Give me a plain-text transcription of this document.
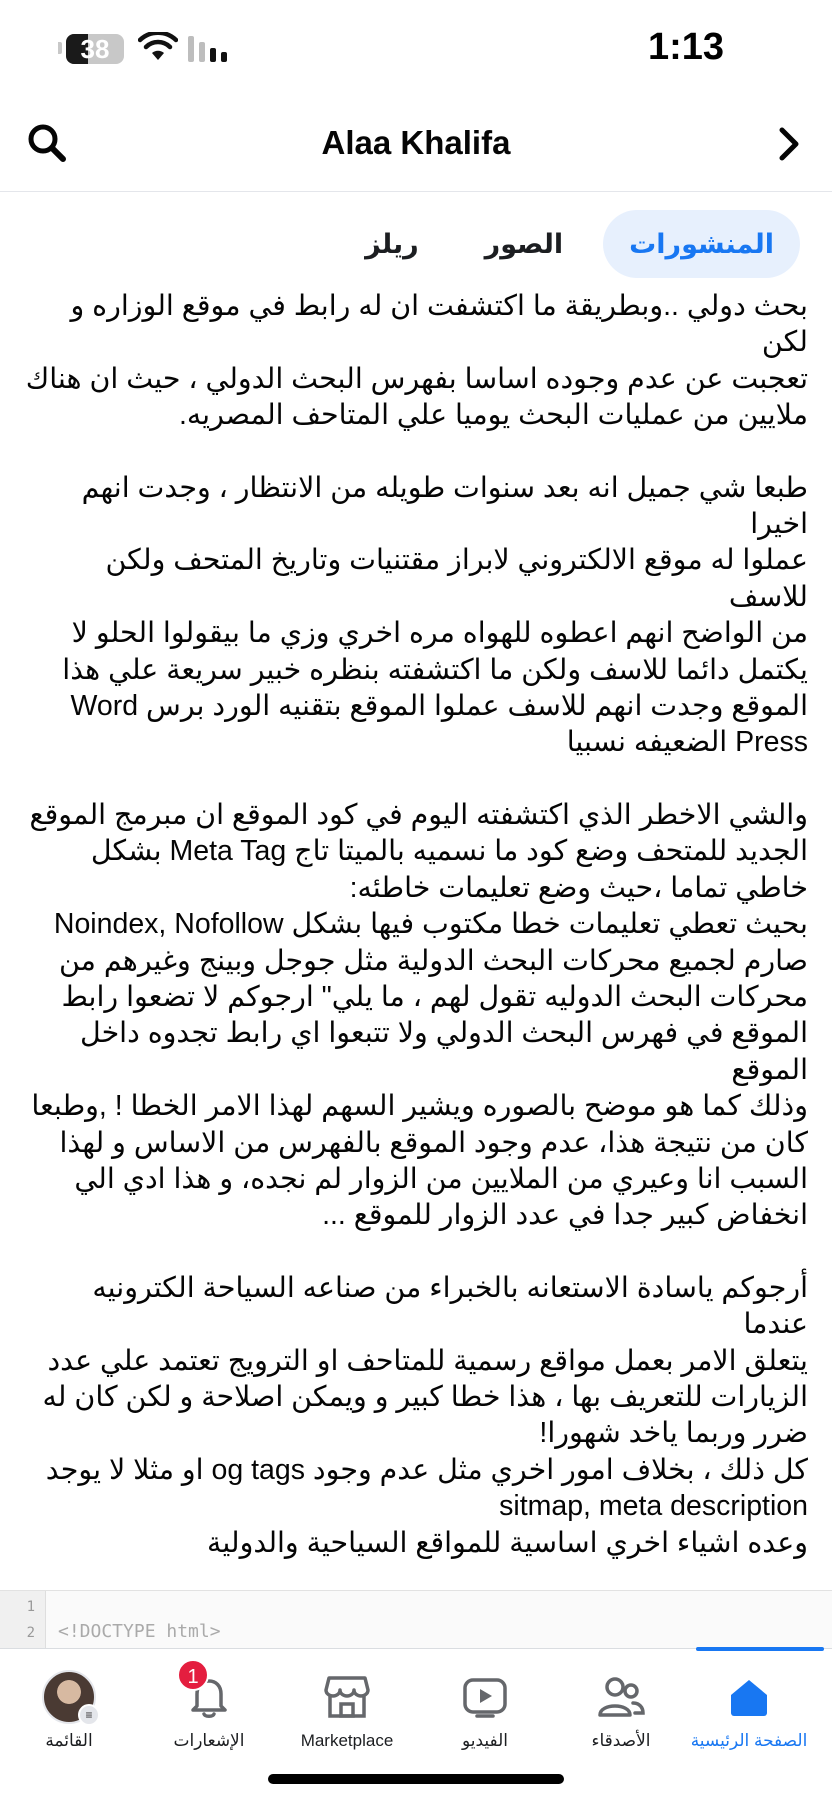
38	1:13
Alaa Khalifa
المنشورات
الصور
ريلز
بحث دولي ..وبطريقة ما اكتشفت ان له رابط في موقع الوزاره و لكن
تعجبت عن عدم وجوده اساسا بفهرس البحث الدولي ، حيث ان هناك
ملايين من عمليات البحث يوميا علي المتاحف المصريه.
طبعا شي جميل انه بعد سنوات طويله من الانتظار ، وجدت انهم اخيرا
عملوا له موقع الالكتروني لابراز مقتنيات وتاريخ المتحف ولكن للاسف
من الواضح انهم اعطوه للهواه مره اخري وزي ما بيقولوا الحلو لا
يكتمل دائما للاسف ولكن ما اكتشفته بنظره خبير سريعة علي هذا
الموقع وجدت انهم للاسف عملوا الموقع بتقنيه الورد برس Word
Press الضعيفه نسبيا
والشي الاخطر الذي اكتشفته اليوم في كود الموقع ان مبرمج الموقع
الجديد للمتحف وضع كود ما نسميه بالميتا تاج Meta Tag بشكل
خاطي تماما ،حيث وضع تعليمات خاطئه:
بحيث تعطي تعليمات خطا مكتوب فيها بشكل Noindex, Nofollow
صارم لجميع محركات البحث الدولية مثل جوجل وبينج وغيرهم من
محركات البحث الدوليه تقول لهم ، ما يلي" ارجوكم لا تضعوا رابط
الموقع في فهرس البحث الدولي ولا تتبعوا اي رابط تجدوه داخل الموقع
وذلك كما هو موضح بالصوره ويشير السهم لهذا الامر الخطا ! ,وطبعا
كان من نتيجة هذا، عدم وجود الموقع بالفهرس من الاساس و لهذا
السبب انا وعيري من الملايين من الزوار لم نجده، و هذا ادي الي
انخفاض كبير جدا في عدد الزوار للموقع ...
أرجوكم ياسادة الاستعانه بالخبراء من صناعه السياحة الكترونيه عندما
يتعلق الامر بعمل مواقع رسمية للمتاحف او الترويج تعتمد علي عدد
الزيارات للتعريف بها ، هذا خطا كبير و ويمكن اصلاحة و لكن كان له
ضرر وربما ياخد شهورا!
كل ذلك ، بخلاف امور اخري مثل عدم وجود og tags او مثلا لا يوجد
sitmap, meta description
وعده اشياء اخري اساسية للمواقع السياحية والدولية
1
2 <!DOCTYPE html>
الصفحة الرئيسية
الأصدقاء
الفيديو
Marketplace
1
الإشعارات
≡
القائمة
